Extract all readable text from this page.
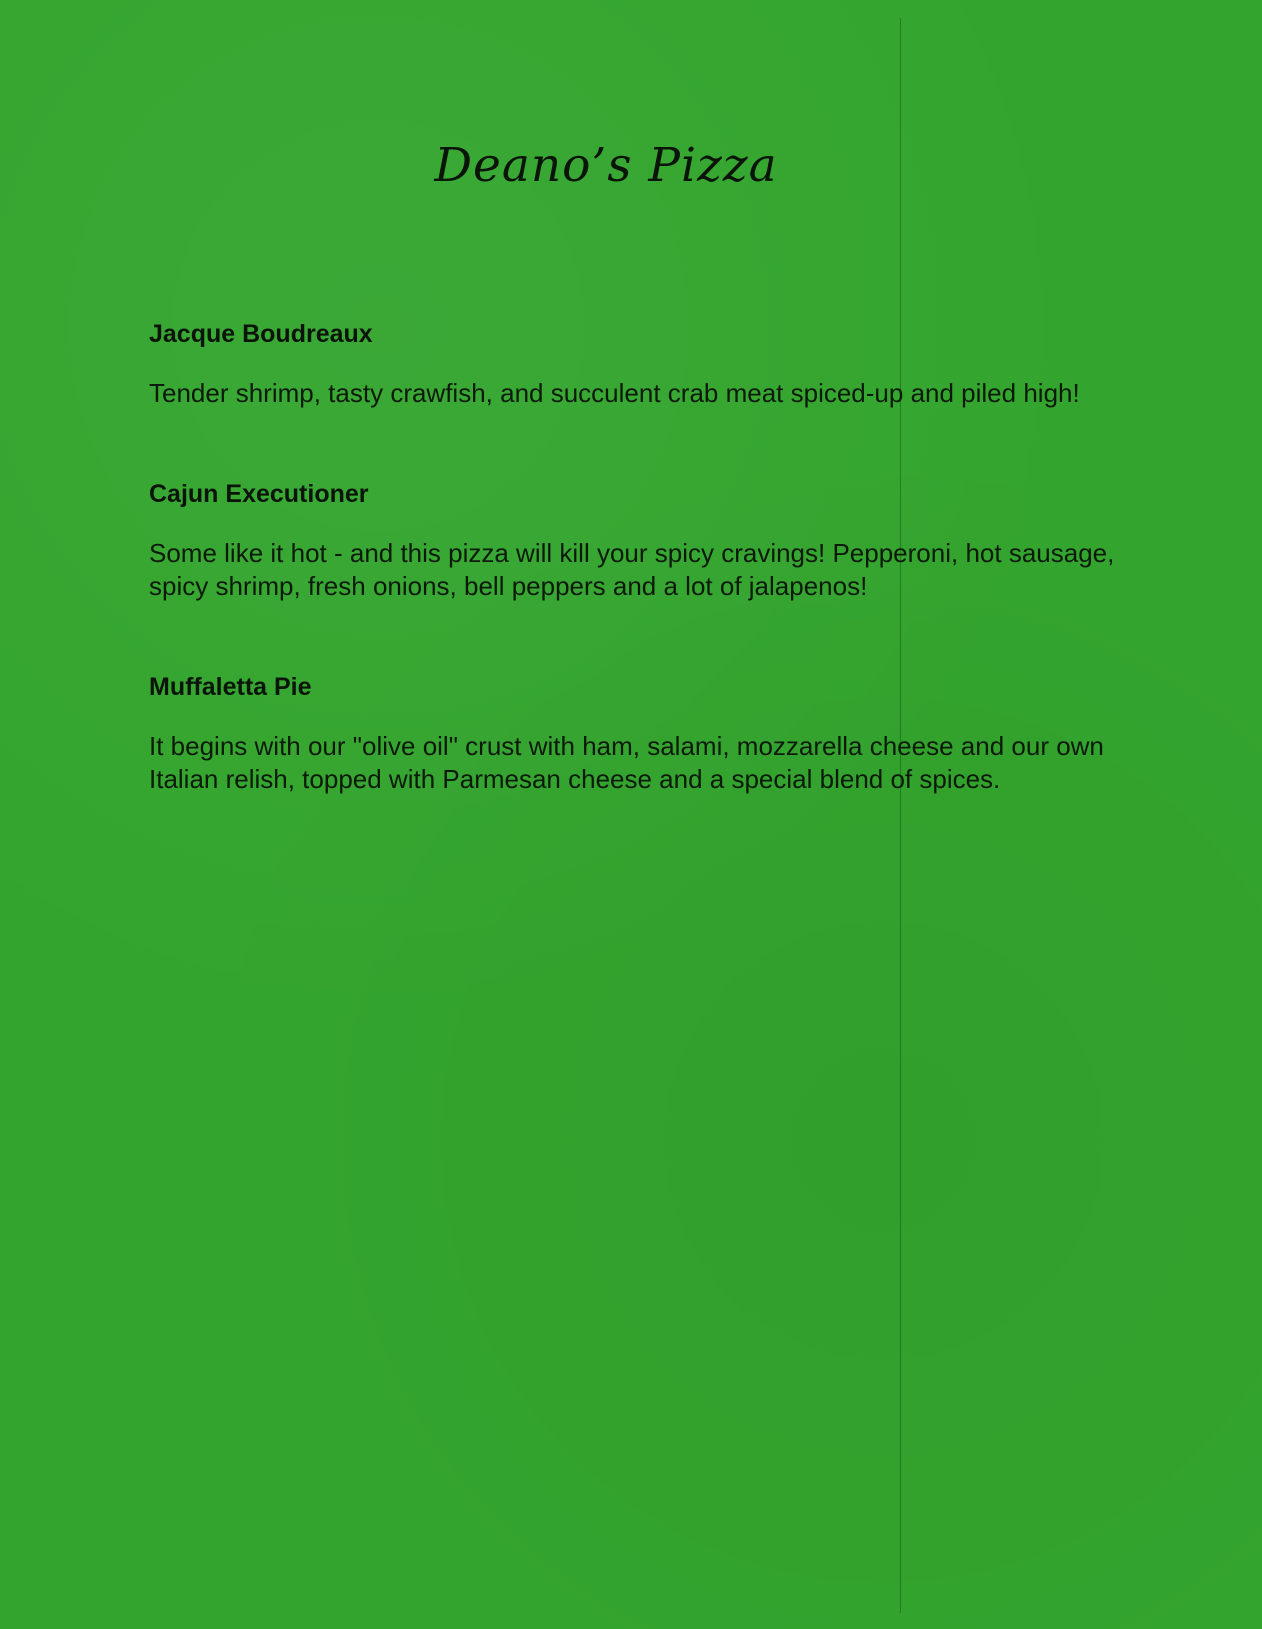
Deano’s Pizza
Jacque Boudreaux

Tender shrimp, tasty crawfish, and succulent crab meat spiced-up and piled high!

Cajun Executioner

Some like it hot - and this pizza will kill your spicy cravings! Pepperoni, hot sausage, spicy shrimp, fresh onions, bell peppers and a lot of jalapenos!

Muffaletta Pie

It begins with our "olive oil" crust with ham, salami, mozzarella cheese and our own Italian relish, topped with Parmesan cheese and a special blend of spices.
